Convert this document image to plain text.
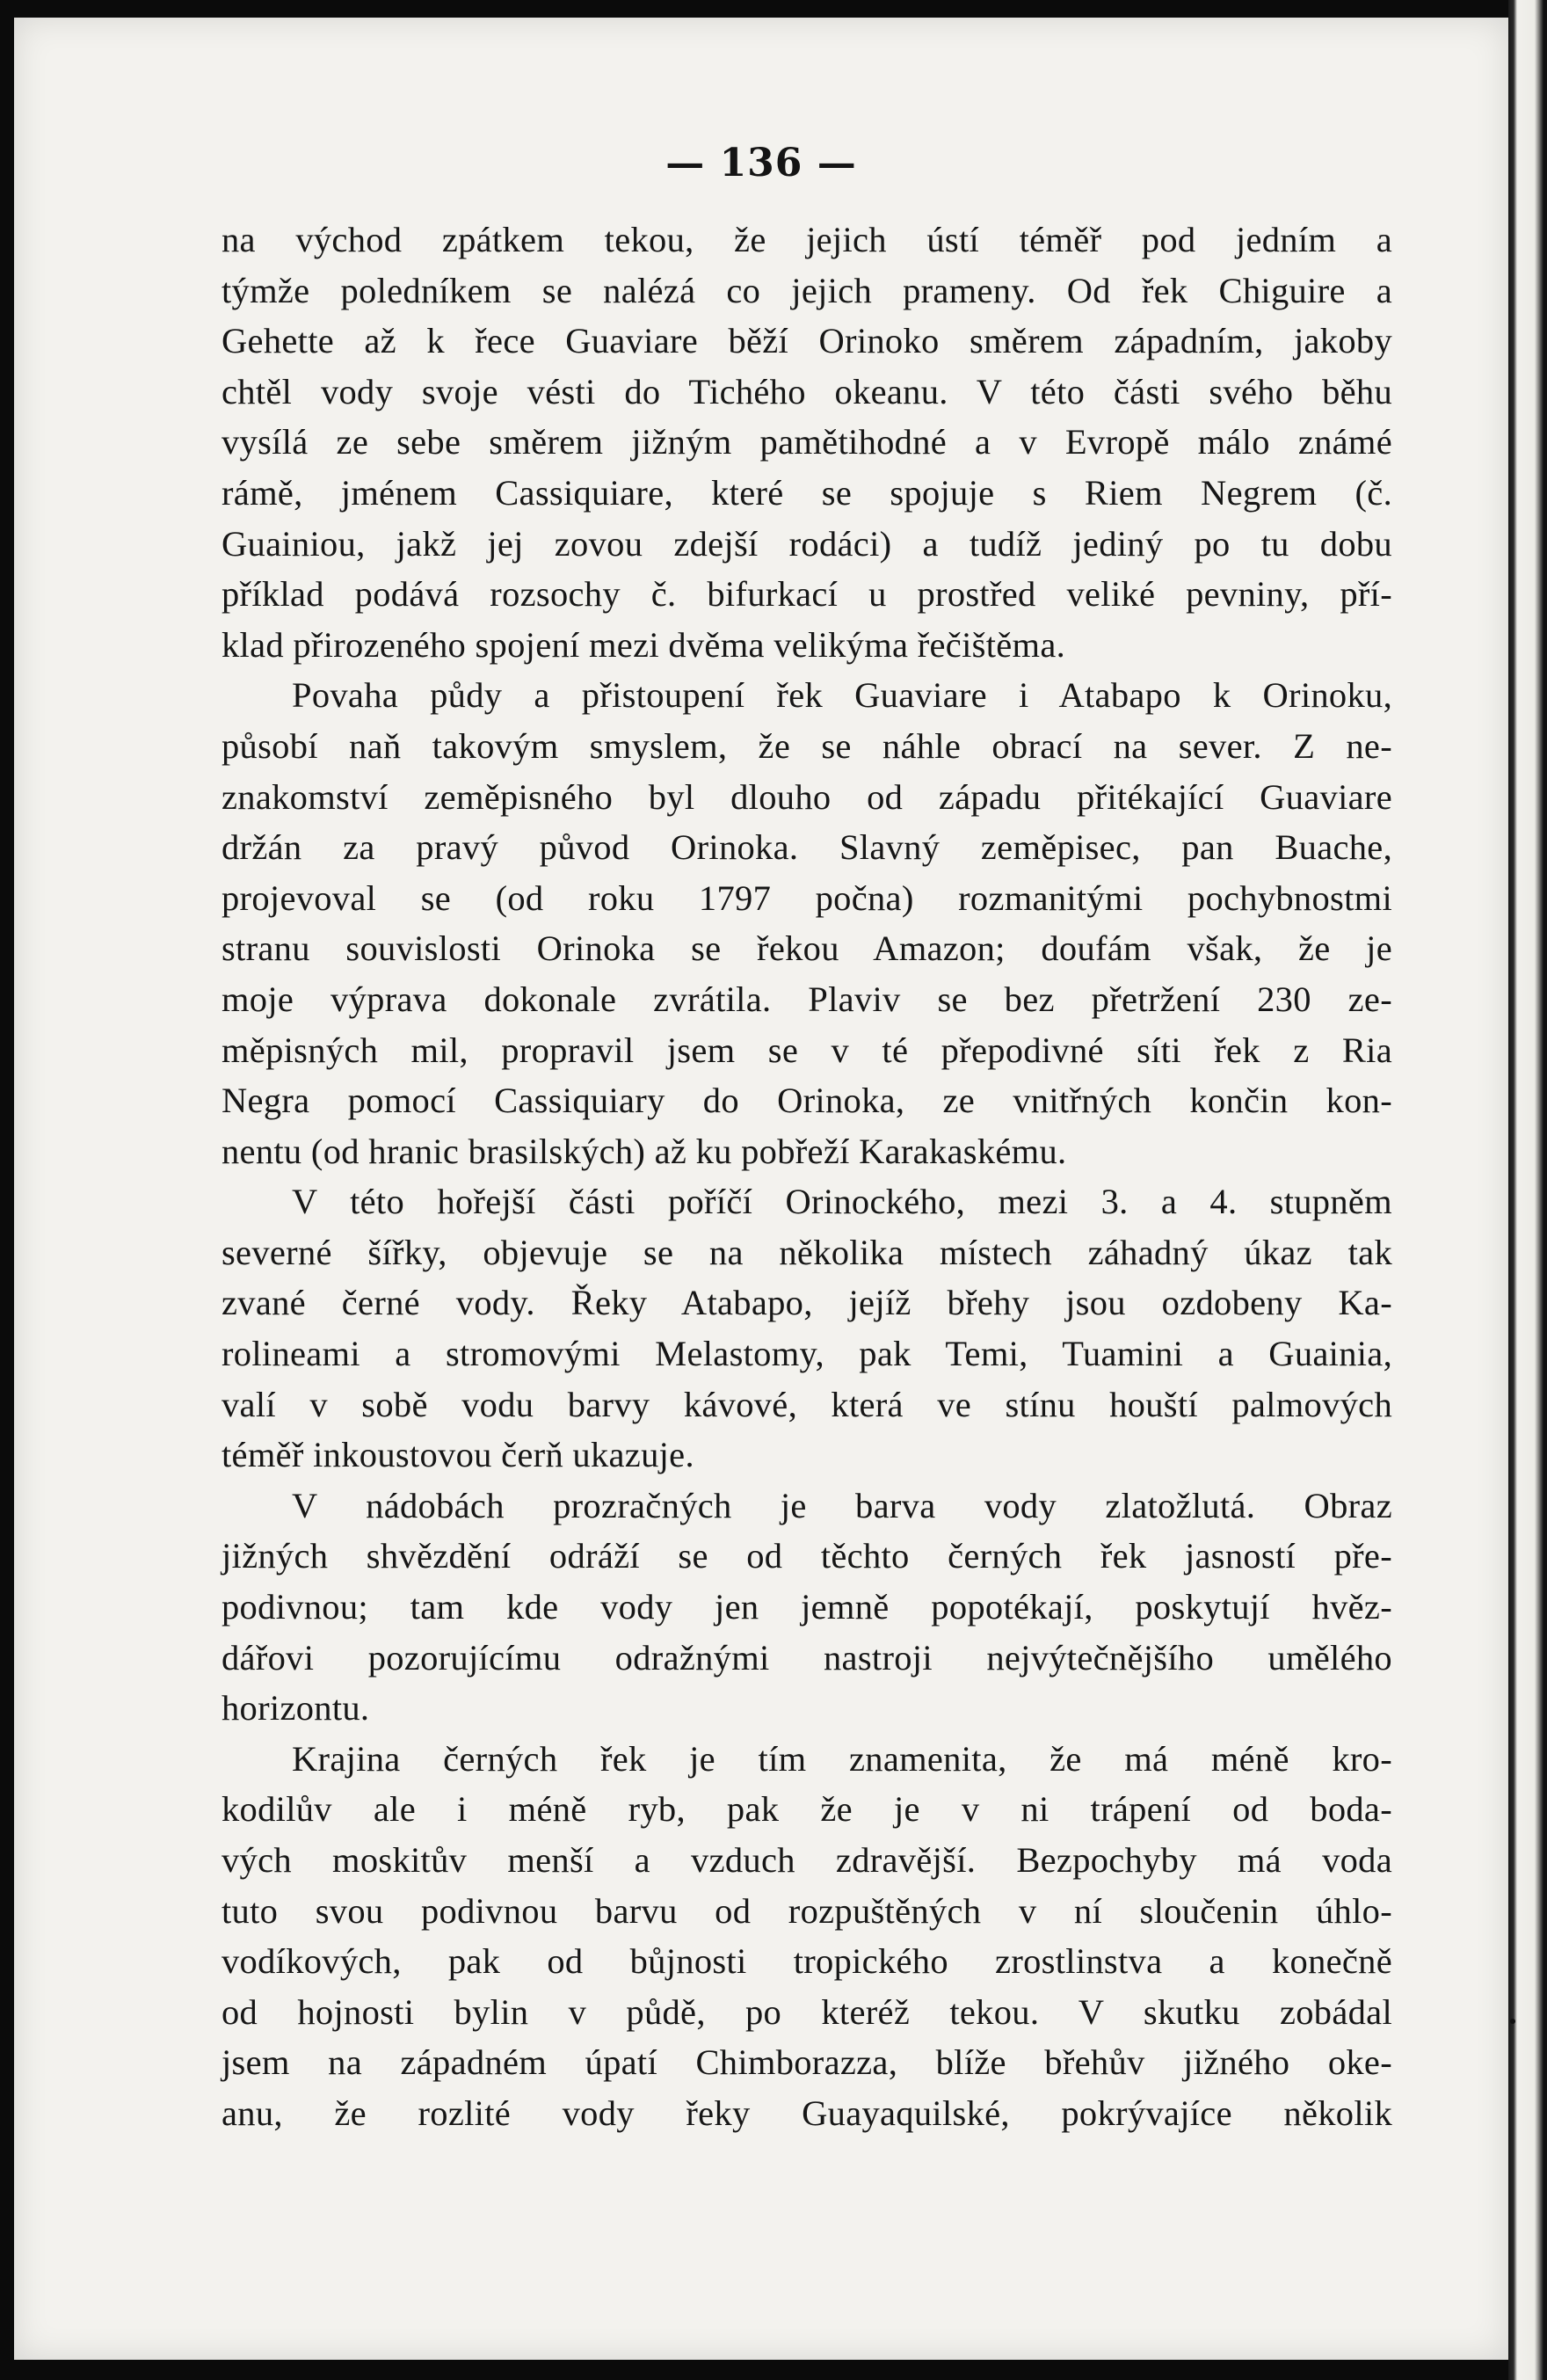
— 136 —
na východ zpátkem tekou, že jejich ústí téměř pod jedním a
týmže poledníkem se nalézá co jejich prameny. Od řek Chiguire a
Gehette až k řece Guaviare běží Orinoko směrem západním, jakoby
chtěl vody svoje vésti do Tichého okeanu. V této části svého běhu
vysílá ze sebe směrem jižným pamětihodné a v Evropě málo známé
rámě, jménem Cassiquiare, které se spojuje s Riem Negrem (č.
Guainiou, jakž jej zovou zdejší rodáci) a tudíž jediný po tu dobu
příklad podává rozsochy č. bifurkací u prostřed veliké pevniny, pří-
klad přirozeného spojení mezi dvěma velikýma řečištěma.
Povaha půdy a přistoupení řek Guaviare i Atabapo k Orinoku,
působí naň takovým smyslem, že se náhle obrací na sever. Z ne-
znakomství zeměpisného byl dlouho od západu přitékající Guaviare
držán za pravý původ Orinoka. Slavný zeměpisec, pan Buache,
projevoval se (od roku 1797 počna) rozmanitými pochybnostmi
stranu souvislosti Orinoka se řekou Amazon; doufám však, že je
moje výprava dokonale zvrátila. Plaviv se bez přetržení 230 ze-
měpisných mil, propravil jsem se v té přepodivné síti řek z Ria
Negra pomocí Cassiquiary do Orinoka, ze vnitřných končin kon-
nentu (od hranic brasilských) až ku pobřeží Karakaskému.
V této hořejší části poříčí Orinockého, mezi 3. a 4. stupněm
severné šířky, objevuje se na několika místech záhadný úkaz tak
zvané černé vody. Řeky Atabapo, jejíž břehy jsou ozdobeny Ka-
rolineami a stromovými Melastomy, pak Temi, Tuamini a Guainia,
valí v sobě vodu barvy kávové, která ve stínu houští palmových
téměř inkoustovou čerň ukazuje.
V nádobách prozračných je barva vody zlatožlutá. Obraz
jižných shvězdění odráží se od těchto černých řek jasností pře-
podivnou; tam kde vody jen jemně popotékají, poskytují hvěz-
dářovi pozorujícímu odražnými nastroji nejvýtečnějšího umělého
horizontu.
Krajina černých řek je tím znamenita, že má méně kro-
kodilův ale i méně ryb, pak že je v ni trápení od boda-
vých moskitův menší a vzduch zdravější. Bezpochyby má voda
tuto svou podivnou barvu od rozpuštěných v ní sloučenin úhlo-
vodíkových, pak od bůjnosti tropického zrostlinstva a konečně
od hojnosti bylin v půdě, po kteréž tekou. V skutku zobádal
jsem na západném úpatí Chimborazza, blíže břehův jižného oke-
anu, že rozlité vody řeky Guayaquilské, pokrývajíce několik
